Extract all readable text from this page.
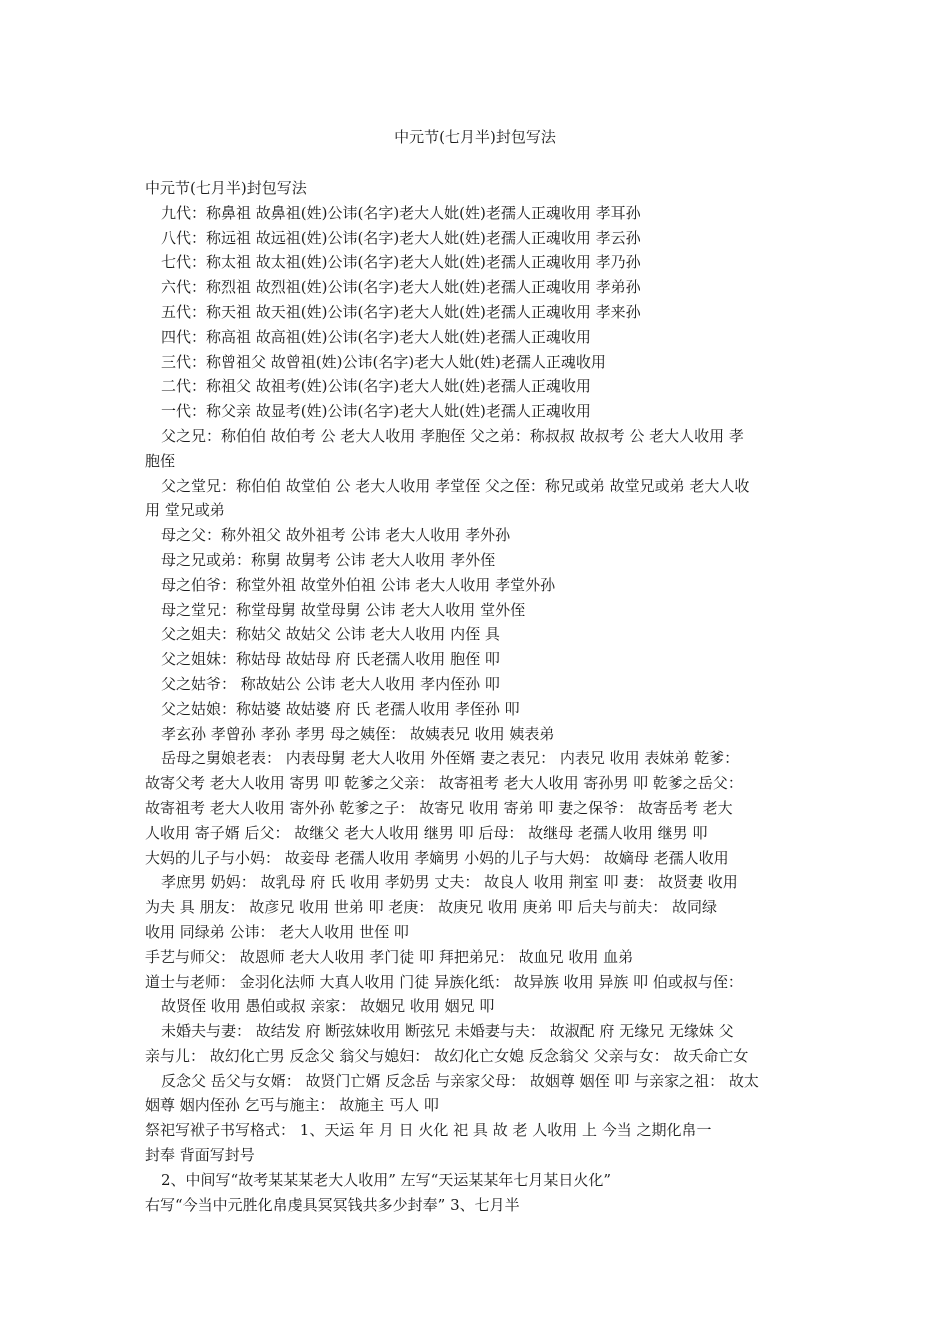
中元节(七月半)封包写法
中元节(七月半)封包写法
九代：称鼻祖 故鼻祖(姓)公讳(名字)老大人妣(姓)老孺人正魂收用 孝耳孙
八代：称远祖 故远祖(姓)公讳(名字)老大人妣(姓)老孺人正魂收用 孝云孙
七代：称太祖 故太祖(姓)公讳(名字)老大人妣(姓)老孺人正魂收用 孝乃孙
六代：称烈祖 故烈祖(姓)公讳(名字)老大人妣(姓)老孺人正魂收用 孝弟孙
五代：称天祖 故天祖(姓)公讳(名字)老大人妣(姓)老孺人正魂收用 孝来孙
四代：称高祖 故高祖(姓)公讳(名字)老大人妣(姓)老孺人正魂收用
三代：称曾祖父 故曾祖(姓)公讳(名字)老大人妣(姓)老孺人正魂收用
二代：称祖父 故祖考(姓)公讳(名字)老大人妣(姓)老孺人正魂收用
一代：称父亲 故显考(姓)公讳(名字)老大人妣(姓)老孺人正魂收用
父之兄：称伯伯 故伯考 公 老大人收用 孝胞侄 父之弟：称叔叔 故叔考 公 老大人收用 孝
胞侄
父之堂兄：称伯伯 故堂伯 公 老大人收用 孝堂侄 父之侄：称兄或弟 故堂兄或弟 老大人收
用 堂兄或弟
母之父：称外祖父 故外祖考 公讳 老大人收用 孝外孙
母之兄或弟：称舅 故舅考 公讳 老大人收用 孝外侄
母之伯爷：称堂外祖 故堂外伯祖 公讳 老大人收用 孝堂外孙
母之堂兄：称堂母舅 故堂母舅 公讳 老大人收用 堂外侄
父之姐夫：称姑父 故姑父 公讳 老大人收用 内侄 具
父之姐妹：称姑母 故姑母 府 氏老孺人收用 胞侄 叩
父之姑爷： 称故姑公 公讳 老大人收用 孝内侄孙 叩
父之姑娘：称姑婆 故姑婆 府 氏 老孺人收用 孝侄孙 叩
孝玄孙 孝曾孙 孝孙 孝男 母之姨侄： 故姨表兄 收用 姨表弟
岳母之舅娘老表： 内表母舅 老大人收用 外侄婿 妻之表兄： 内表兄 收用 表妹弟 乾爹：
故寄父考 老大人收用 寄男 叩 乾爹之父亲： 故寄祖考 老大人收用 寄孙男 叩 乾爹之岳父：
故寄祖考 老大人收用 寄外孙 乾爹之子： 故寄兄 收用 寄弟 叩 妻之保爷： 故寄岳考 老大
人收用 寄子婿 后父： 故继父 老大人收用 继男 叩 后母： 故继母 老孺人收用 继男 叩
大妈的儿子与小妈： 故妾母 老孺人收用 孝嫡男 小妈的儿子与大妈： 故嫡母 老孺人收用
孝庶男 奶妈： 故乳母 府 氏 收用 孝奶男 丈夫： 故良人 收用 荆室 叩 妻： 故贤妻 收用
为夫 具 朋友： 故彦兄 收用 世弟 叩 老庚： 故庚兄 收用 庚弟 叩 后夫与前夫： 故同绿
收用 同绿弟 公讳： 老大人收用 世侄 叩
手艺与师父： 故恩师 老大人收用 孝门徒 叩 拜把弟兄： 故血兄 收用 血弟
道士与老师： 金羽化法师 大真人收用 门徒 异族化纸： 故异族 收用 异族 叩 伯或叔与侄：
故贤侄 收用 愚伯或叔 亲家： 故姻兄 收用 姻兄 叩
未婚夫与妻： 故结发 府 断弦妹收用 断弦兄 未婚妻与夫： 故淑配 府 无缘兄 无缘妹 父
亲与儿： 故幻化亡男 反念父 翁父与媳妇： 故幻化亡女媳 反念翁父 父亲与女： 故夭命亡女
反念父 岳父与女婿： 故贤门亡婿 反念岳 与亲家父母： 故姻尊 姻侄 叩 与亲家之祖： 故太
姻尊 姻内侄孙 乞丐与施主： 故施主 丐人 叩
祭祀写袱子书写格式： 1、天运 年 月 日 火化 祀 具 故 老 人收用 上 今当 之期化帛一
封奉 背面写封号
2、中间写“故考某某某老大人收用” 左写“天运某某年七月某日火化”
右写“今当中元胜化帛虔具冥冥钱共多少封奉” 3、七月半
